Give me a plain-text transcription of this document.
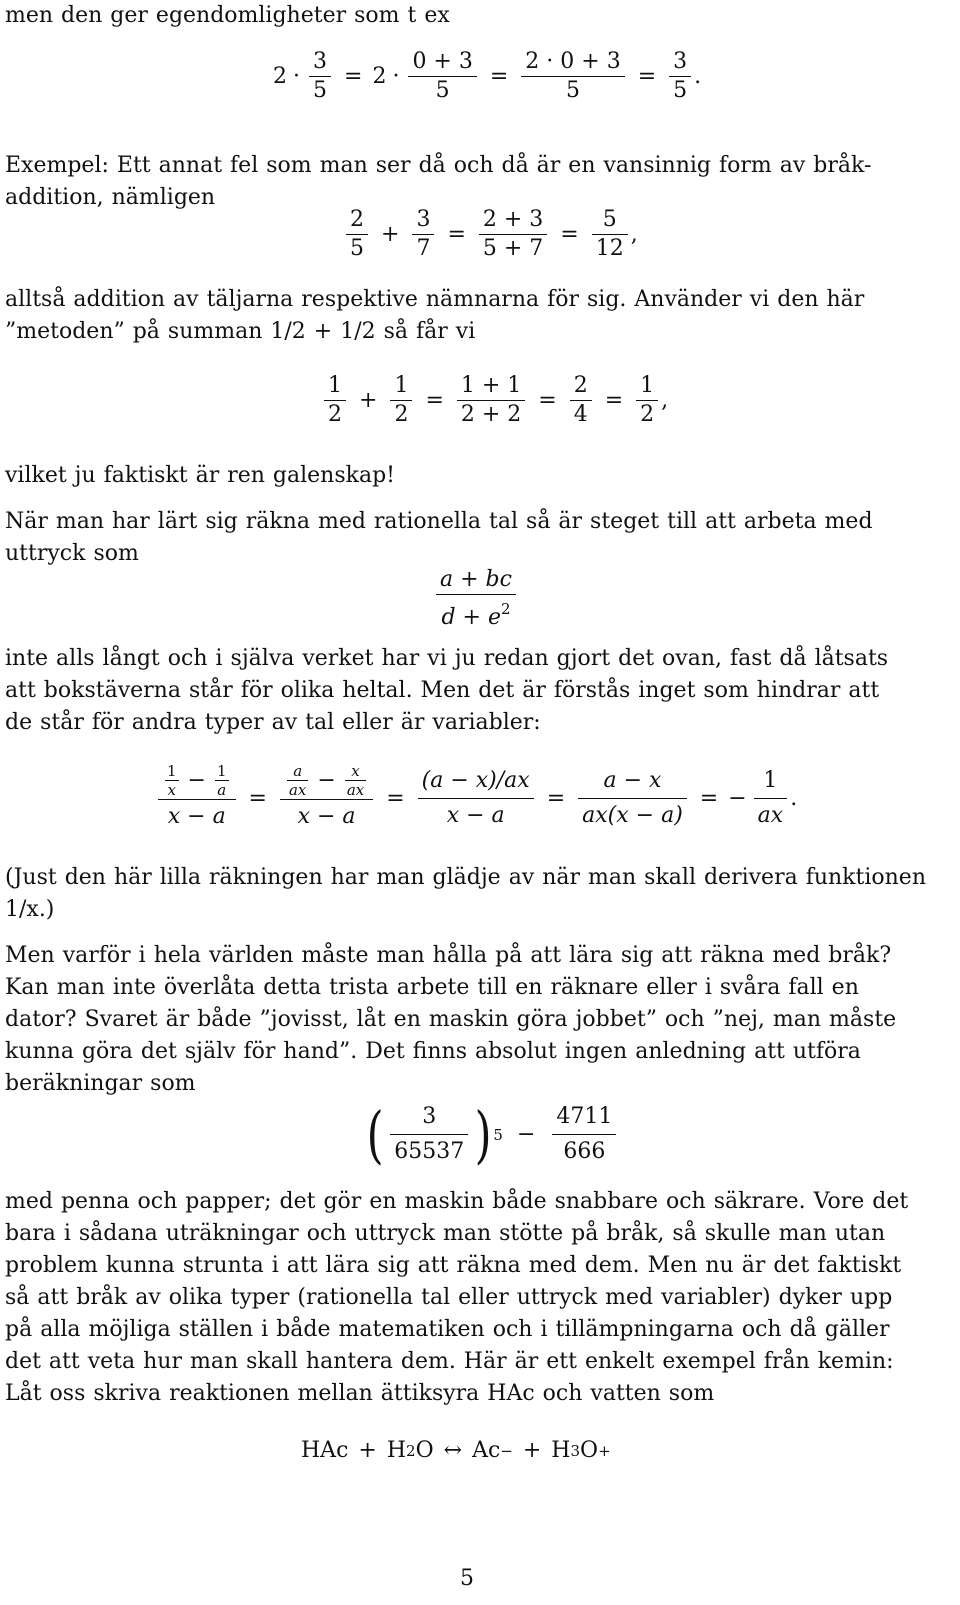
men den ger egendomligheter som t ex
$2 \cdot \frac{3}{5} = 2 \cdot \frac{0 + 3}{5} = \frac{2 \cdot 0 + 3}{5} = \frac{3}{5}$ .
Exempel: Ett annat fel som man ser då och då är en vansinnig form av bråk-
addition, nämligen
$\frac{2}{5} + \frac{3}{7} = \frac{2 + 3}{5 + 7} = \frac{5}{12}$ ,
alltså addition av täljarna respektive nämnarna för sig. Använder vi den här
”metoden” på summan 1/2 + 1/2 så får vi
$\frac{1}{2} + \frac{1}{2} = \frac{1 + 1}{2 + 2} = \frac{2}{4} = \frac{1}{2}$ ,
vilket ju faktiskt är ren galenskap!
När man har lärt sig räkna med rationella tal så är steget till att arbeta med
uttryck som
$\frac{a + bc}{d + e^2}$
inte alls långt och i själva verket har vi ju redan gjort det ovan, fast då låtsats
att bokstäverna står för olika heltal. Men det är förstås inget som hindrar att
de står för andra typer av tal eller är variabler:
$\frac{\frac{1}{x} - \frac{1}{a}}{x - a} = \frac{\frac{a}{ax} - \frac{x}{ax}}{x - a} = \frac{(a - x)/ax}{x - a} = \frac{a - x}{ax(x - a)}$ = − $\frac{1}{ax}$ .
(Just den här lilla räkningen har man glädje av när man skall derivera funktionen
1/x.)
Men varför i hela världen måste man hålla på att lära sig att räkna med bråk?
Kan man inte överlåta detta trista arbete till en räknare eller i svåra fall en
dator? Svaret är både ”jovisst, låt en maskin göra jobbet” och ”nej, man måste
kunna göra det själv för hand”. Det finns absolut ingen anledning att utföra
beräkningar som
( $\frac{3}{65537}$ ) $5 - \frac{4711}{666}$
med penna och papper; det gör en maskin både snabbare och säkrare. Vore det
bara i sådana uträkningar och uttryck man stötte på bråk, så skulle man utan
problem kunna strunta i att lära sig att räkna med dem. Men nu är det faktiskt
så att bråk av olika typer (rationella tal eller uttryck med variabler) dyker upp
på alla möjliga ställen i både matematiken och i tillämpningarna och då gäller
det att veta hur man skall hantera dem. Här är ett enkelt exempel från kemin:
Låt oss skriva reaktionen mellan ättiksyra HAc och vatten som
HAc + H 2 O ↔ Ac − + H 3 O +
5
